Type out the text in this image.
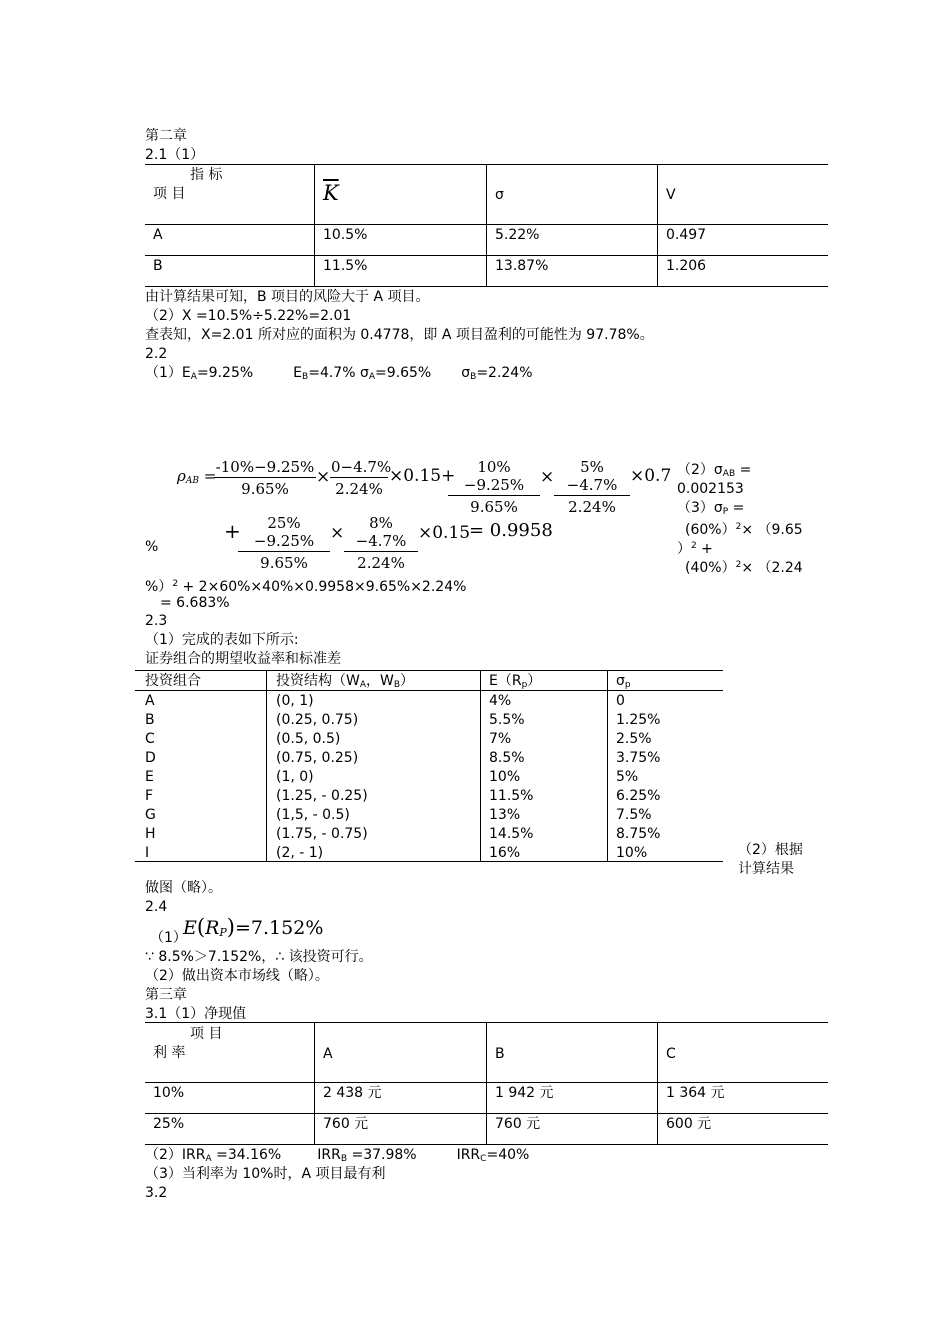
第二章
2.1（1）
指 标
项 目	$\overline{K}$	σ	V
A	10.5%	5.22%	0.497
B	11.5%	13.87%	1.206
由计算结果可知，B 项目的风险大于 A 项目。
（2）X =10.5%÷5.22%=2.01
查表知，X=2.01 所对应的面积为 0.4778，即 A 项目盈利的可能性为 97.78%。
2.2
$(1)E_A=9.25\%$	$E_B=4.7\%$ $\sigma_A=9.65\%$ $\sigma_B=2.24\%$
$\rho_{AB}$ =
$\frac{-10\%-9.25\%}{9.65\%} \times \frac{0-4.7\%}{2.24\%} \times 0.15+$
$\frac{10\%-9.25\%}{9.65\%} \times \frac{5\%-4.7\%}{2.24\%} \times 0.7$
%
+
$\frac{25\%-9.25\%}{9.65\%} \times \frac{8\%-4.7\%}{2.24\%} \times 0.15$
= 0.9958
$(2)\sigma_{AB}$ =
0.002153
$(3)\sigma_P$ =
(60%）$^2$× （9.65
）$^2$ +
(40%）$^2$× （2.24
%）$^2$ + 2×60%×40%×0.9958×9.65%×2.24%
= 6.683%
2.3
（1）完成的表如下所示:
证券组合的期望收益率和标准差
投资组合	投资结构（$W_A$，$W_B$）	$E(R_p)$	$\sigma_p$
A	(0, 1)	4%	0
B	(0.25, 0.75)	5.5%	1.25%
C	(0.5, 0.5)	7%	2.5%
D	(0.75, 0.25)	8.5%	3.75%
E	(1, 0)	10%	5%
F	(1.25, - 0.25)	11.5%	6.25%
G	(1,5, - 0.5)	13%	7.5%
H	(1.75, - 0.75)	14.5%	8.75%
I	(2, - 1)	16%	10%	（2）根据
计算结果
做图（略）。
2.4
（1）
$E(R_P)=7.152\%$
∵ 8.5%＞7.152%，∴ 该投资可行。
（2）做出资本市场线（略）。
第三章
3.1（1）净现值
项 目
利 率	A	B	C
10%	2 438 元	1 942 元	1 364 元
25%	760 元	760 元	600 元
$(2)IRR_A =34.16\%$	$IRR_B =37.98\%$	$IRR_C=40\%$
（3）当利率为 10%时，A 项目最有利
3.2
